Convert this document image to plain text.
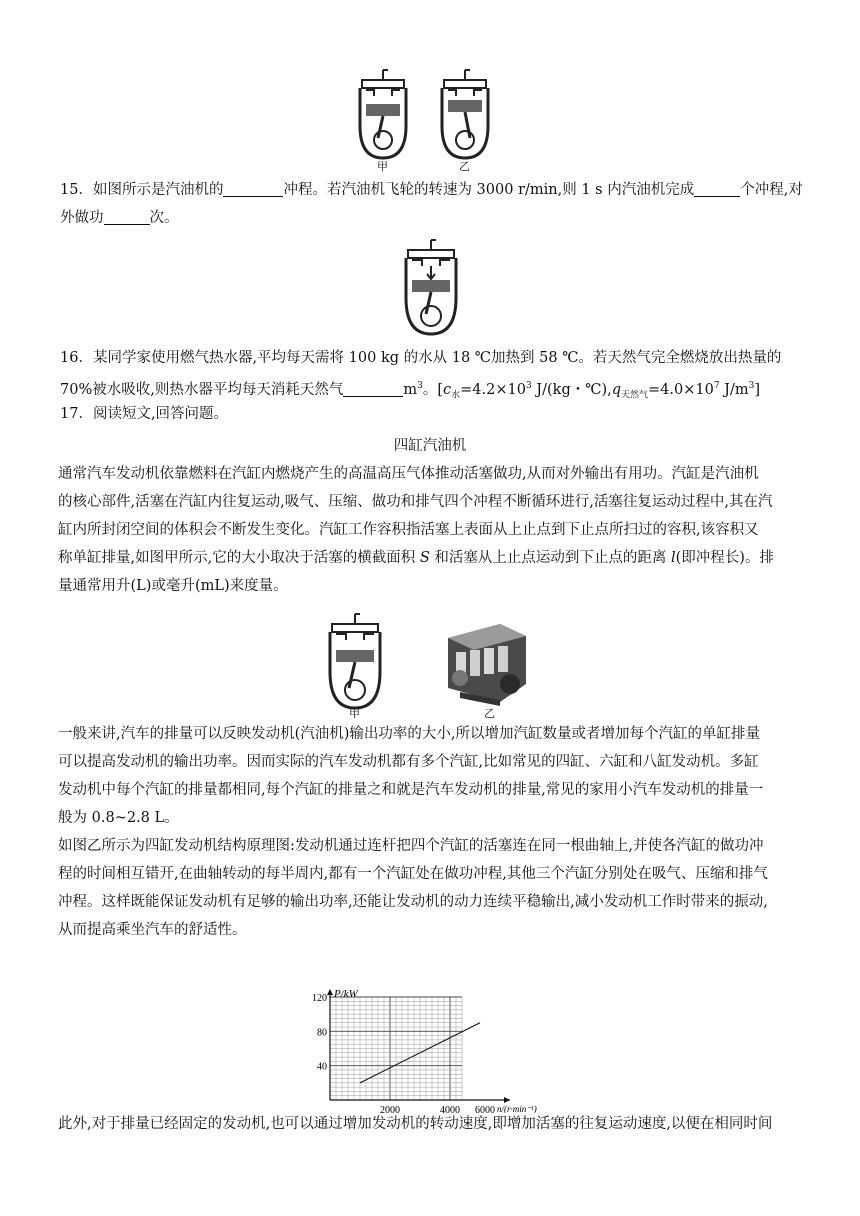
甲	乙

15．如图所示是汽油机的	冲程。若汽油机飞轮的转速为 3000 r/min,则 1 s 内汽油机完成	个冲程,对
外做功	次。

16．某同学家使用燃气热水器,平均每天需将 100 kg 的水从 18 ℃加热到 58 ℃。若天然气完全燃烧放出热量的
70%被水吸收,则热水器平均每天消耗天然气	$m^3$。[$c_水=4.2\times 10^3$ J/(kg・$℃),q_{天然气}=4.0\times 10^7$ $J/m^3$]

17．阅读短文,回答问题。

四缸汽油机

通常汽车发动机依靠燃料在汽缸内燃烧产生的高温高压气体推动活塞做功,从而对外输出有用功。汽缸是汽油机
的核心部件,活塞在汽缸内往复运动,吸气、压缩、做功和排气四个冲程不断循环进行,活塞往复运动过程中,其在汽
缸内所封闭空间的体积会不断发生变化。汽缸工作容积指活塞上表面从上止点到下止点所扫过的容积,该容积又
称单缸排量,如图甲所示,它的大小取决于活塞的横截面积 S 和活塞从上止点运动到下止点的距离 l(即冲程长)。排
量通常用升(L)或毫升(mL)来度量。

甲	乙

一般来讲,汽车的排量可以反映发动机(汽油机)输出功率的大小,所以增加汽缸数量或者增加每个汽缸的单缸排量
可以提高发动机的输出功率。因而实际的汽车发动机都有多个汽缸,比如常见的四缸、六缸和八缸发动机。多缸
发动机中每个汽缸的排量都相同,每个汽缸的排量之和就是汽车发动机的排量,常见的家用小汽车发动机的排量一
般为 0.8~2.8 L。

如图乙所示为四缸发动机结构原理图:发动机通过连杆把四个汽缸的活塞连在同一根曲轴上,并使各汽缸的做功冲
程的时间相互错开,在曲轴转动的每半周内,都有一个汽缸处在做功冲程,其他三个汽缸分别处在吸气、压缩和排气
冲程。这样既能保证发动机有足够的输出功率,还能让发动机的动力连续平稳输出,减小发动机工作时带来的振动,
从而提高乘坐汽车的舒适性。

2000	4000 6000
40
80
120 P/kW
n/(r·min⁻¹)

此外,对于排量已经固定的发动机,也可以通过增加发动机的转动速度,即增加活塞的往复运动速度,以便在相同时间
